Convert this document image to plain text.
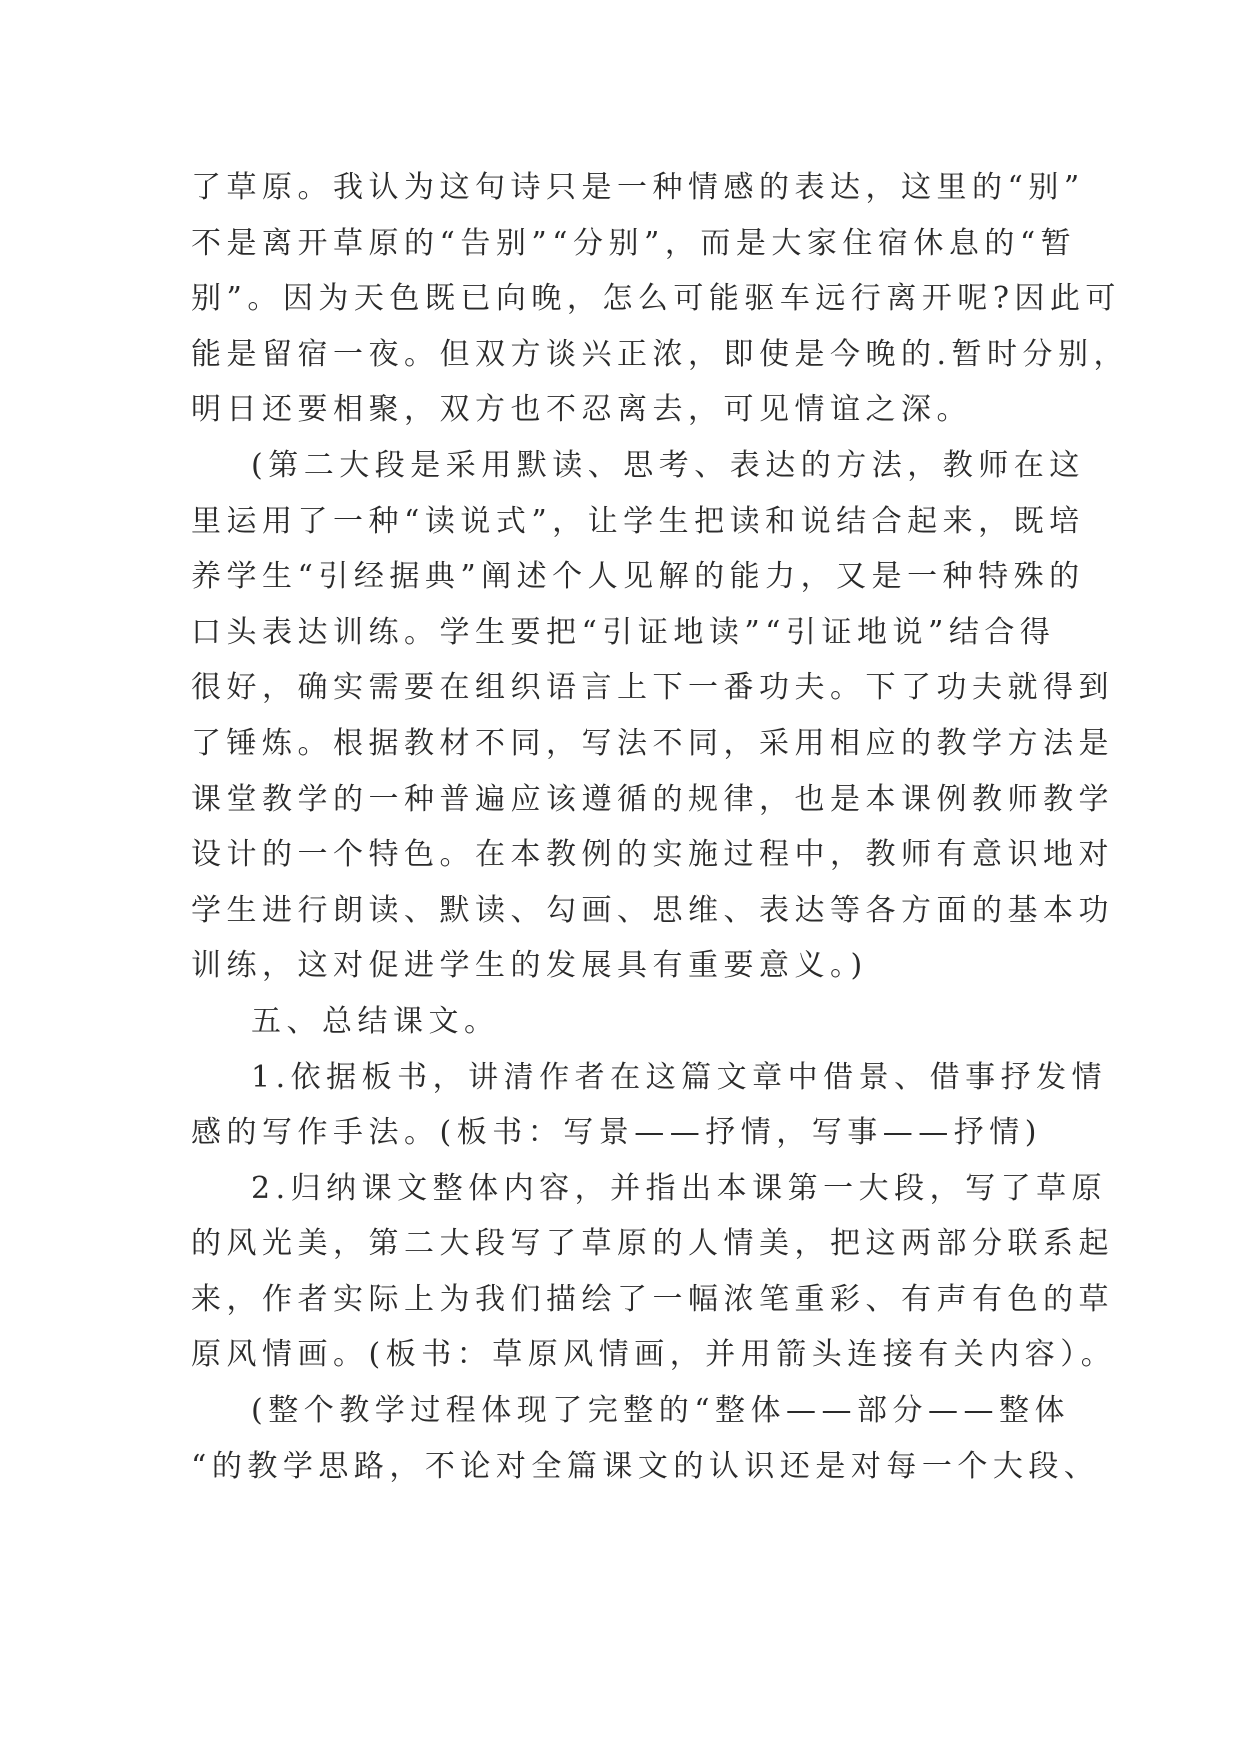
了草原。我认为这句诗只是一种情感的表达，这里的“别”
不是离开草原的“告别”“分别”，而是大家住宿休息的“暂
别”。因为天色既已向晚，怎么可能驱车远行离开呢?因此可
能是留宿一夜。但双方谈兴正浓，即使是今晚的.暂时分别，
明日还要相聚，双方也不忍离去，可见情谊之深。
(第二大段是采用默读、思考、表达的方法，教师在这
里运用了一种“读说式”，让学生把读和说结合起来，既培
养学生“引经据典”阐述个人见解的能力，又是一种特殊的
口头表达训练。学生要把“引证地读”“引证地说”结合得
很好，确实需要在组织语言上下一番功夫。下了功夫就得到
了锤炼。根据教材不同，写法不同，采用相应的教学方法是
课堂教学的一种普遍应该遵循的规律，也是本课例教师教学
设计的一个特色。在本教例的实施过程中，教师有意识地对
学生进行朗读、默读、勾画、思维、表达等各方面的基本功
训练，这对促进学生的发展具有重要意义。)
五、总结课文。
1.依据板书，讲清作者在这篇文章中借景、借事抒发情
感的写作手法。(板书：写景——抒情，写事——抒情)
2.归纳课文整体内容，并指出本课第一大段，写了草原
的风光美，第二大段写了草原的人情美，把这两部分联系起
来，作者实际上为我们描绘了一幅浓笔重彩、有声有色的草
原风情画。(板书：草原风情画，并用箭头连接有关内容）。
(整个教学过程体现了完整的“整体——部分——整体
“的教学思路，不论对全篇课文的认识还是对每一个大段、
